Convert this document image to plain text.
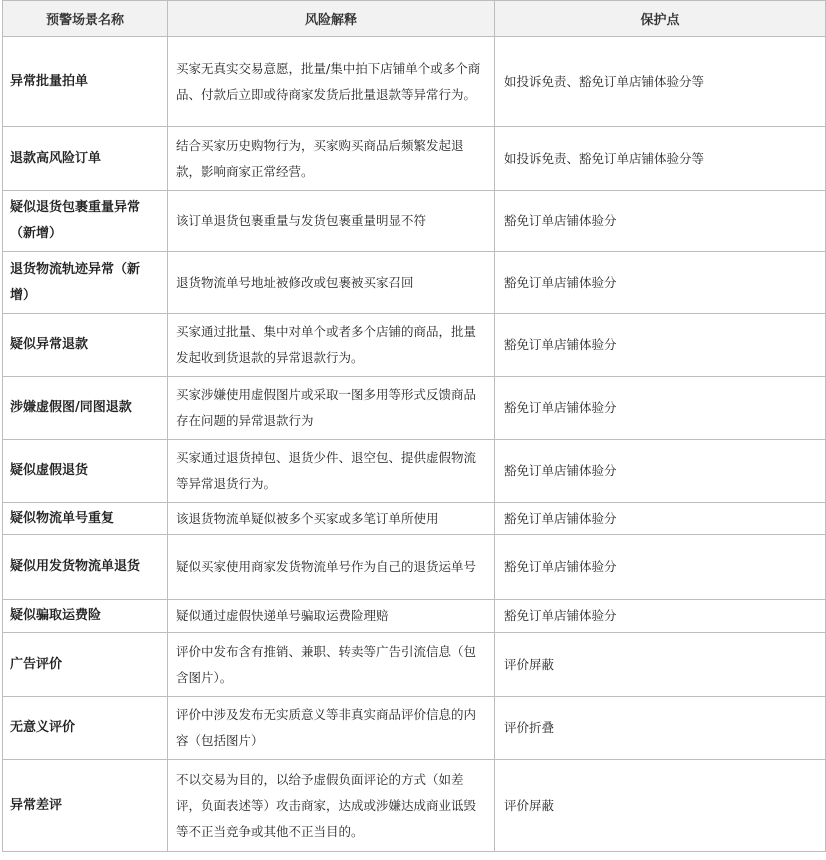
预警场景名称	风险解释	保护点
异常批量拍单	买家无真实交易意愿，批量/集中拍下店铺单个或多个商品、付款后立即或待商家发货后批量退款等异常行为。	如投诉免责、豁免订单店铺体验分等
退款高风险订单	结合买家历史购物行为，买家购买商品后频繁发起退款，影响商家正常经营。	如投诉免责、豁免订单店铺体验分等
疑似退货包裹重量异常（新增）	该订单退货包裹重量与发货包裹重量明显不符	豁免订单店铺体验分
退货物流轨迹异常（新增）	退货物流单号地址被修改或包裹被买家召回	豁免订单店铺体验分
疑似异常退款	买家通过批量、集中对单个或者多个店铺的商品，批量发起收到货退款的异常退款行为。	豁免订单店铺体验分
涉嫌虚假图/同图退款	买家涉嫌使用虚假图片或采取一图多用等形式反馈商品存在问题的异常退款行为	豁免订单店铺体验分
疑似虚假退货	买家通过退货掉包、退货少件、退空包、提供虚假物流等异常退货行为。	豁免订单店铺体验分
疑似物流单号重复	该退货物流单疑似被多个买家或多笔订单所使用	豁免订单店铺体验分
疑似用发货物流单退货	疑似买家使用商家发货物流单号作为自己的退货运单号	豁免订单店铺体验分
疑似骗取运费险	疑似通过虚假快递单号骗取运费险理赔	豁免订单店铺体验分
广告评价	评价中发布含有推销、兼职、转卖等广告引流信息（包含图片）。	评价屏蔽
无意义评价	评价中涉及发布无实质意义等非真实商品评价信息的内容（包括图片）	评价折叠
异常差评	不以交易为目的，以给予虚假负面评论的方式（如差评，负面表述等）攻击商家，达成或涉嫌达成商业诋毁等不正当竞争或其他不正当目的。	评价屏蔽
